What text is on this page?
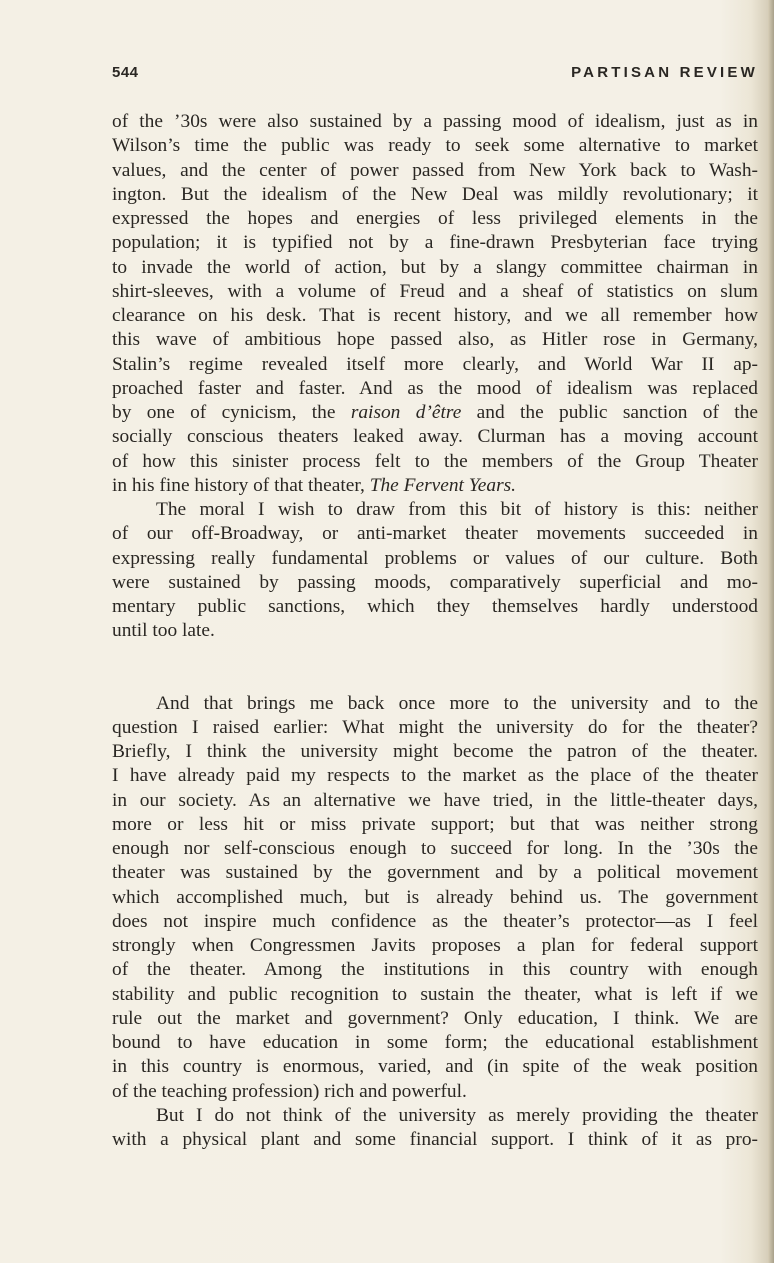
544	PARTISAN REVIEW
of the ’30s were also sustained by a passing mood of idealism, just as in
Wilson’s time the public was ready to seek some alternative to market
values, and the center of power passed from New York back to Wash-
ington. But the idealism of the New Deal was mildly revolutionary; it
expressed the hopes and energies of less privileged elements in the
population; it is typified not by a fine-drawn Presbyterian face trying
to invade the world of action, but by a slangy committee chairman in
shirt-sleeves, with a volume of Freud and a sheaf of statistics on slum
clearance on his desk. That is recent history, and we all remember how
this wave of ambitious hope passed also, as Hitler rose in Germany,
Stalin’s regime revealed itself more clearly, and World War II ap-
proached faster and faster. And as the mood of idealism was replaced
by one of cynicism, the raison d’être and the public sanction of the
socially conscious theaters leaked away. Clurman has a moving account
of how this sinister process felt to the members of the Group Theater
in his fine history of that theater, The Fervent Years.
The moral I wish to draw from this bit of history is this: neither
of our off-Broadway, or anti-market theater movements succeeded in
expressing really fundamental problems or values of our culture. Both
were sustained by passing moods, comparatively superficial and mo-
mentary public sanctions, which they themselves hardly understood
until too late.
And that brings me back once more to the university and to the
question I raised earlier: What might the university do for the theater?
Briefly, I think the university might become the patron of the theater.
I have already paid my respects to the market as the place of the theater
in our society. As an alternative we have tried, in the little-theater days,
more or less hit or miss private support; but that was neither strong
enough nor self-conscious enough to succeed for long. In the ’30s the
theater was sustained by the government and by a political movement
which accomplished much, but is already behind us. The government
does not inspire much confidence as the theater’s protector—as I feel
strongly when Congressmen Javits proposes a plan for federal support
of the theater. Among the institutions in this country with enough
stability and public recognition to sustain the theater, what is left if we
rule out the market and government? Only education, I think. We are
bound to have education in some form; the educational establishment
in this country is enormous, varied, and (in spite of the weak position
of the teaching profession) rich and powerful.
But I do not think of the university as merely providing the theater
with a physical plant and some financial support. I think of it as pro-
